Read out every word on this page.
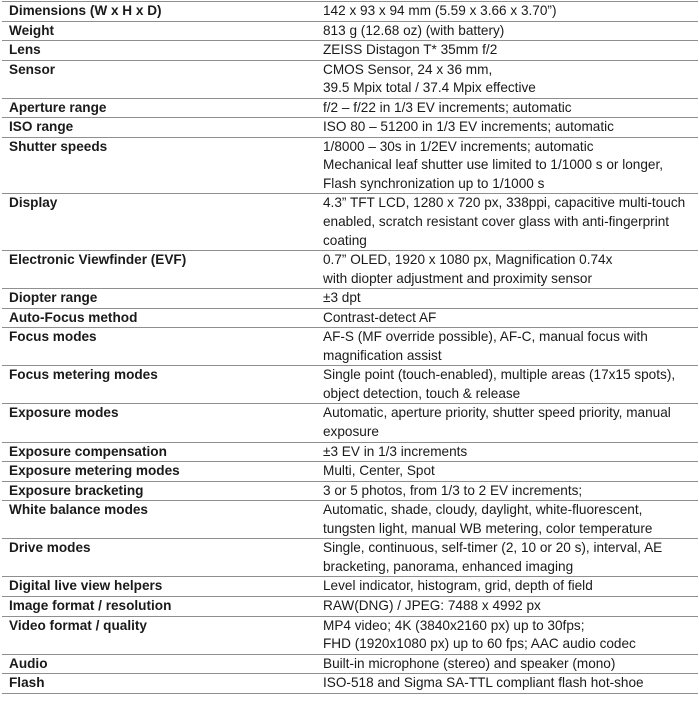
Dimensions (W x H x D)	142 x 93 x 94 mm (5.59 x 3.66 x 3.70”)
Weight	813 g (12.68 oz) (with battery)
Lens	ZEISS Distagon T* 35mm f/2
Sensor	CMOS Sensor, 24 x 36 mm,
39.5 Mpix total / 37.4 Mpix effective
Aperture range	f/2 – f/22 in 1/3 EV increments; automatic
ISO range	ISO 80 – 51200 in 1/3 EV increments; automatic
Shutter speeds	1/8000 – 30s in 1/2EV increments; automatic
Mechanical leaf shutter use limited to 1/1000 s or longer,
Flash synchronization up to 1/1000 s
Display	4.3” TFT LCD, 1280 x 720 px, 338ppi, capacitive multi-touch
enabled, scratch resistant cover glass with anti-fingerprint
coating
Electronic Viewfinder (EVF)	0.7” OLED, 1920 x 1080 px, Magnification 0.74x
with diopter adjustment and proximity sensor
Diopter range	±3 dpt
Auto-Focus method	Contrast-detect AF
Focus modes	AF-S (MF override possible), AF-C, manual focus with
magnification assist
Focus metering modes	Single point (touch-enabled), multiple areas (17x15 spots),
object detection, touch & release
Exposure modes	Automatic, aperture priority, shutter speed priority, manual
exposure
Exposure compensation	±3 EV in 1/3 increments
Exposure metering modes	Multi, Center, Spot
Exposure bracketing	3 or 5 photos, from 1/3 to 2 EV increments;
White balance modes	Automatic, shade, cloudy, daylight, white-fluorescent,
tungsten light, manual WB metering, color temperature
Drive modes	Single, continuous, self-timer (2, 10 or 20 s), interval, AE
bracketing, panorama, enhanced imaging
Digital live view helpers	Level indicator, histogram, grid, depth of field
Image format / resolution	RAW(DNG) / JPEG: 7488 x 4992 px
Video format / quality	MP4 video; 4K (3840x2160 px) up to 30fps;
FHD (1920x1080 px) up to 60 fps; AAC audio codec
Audio	Built-in microphone (stereo) and speaker (mono)
Flash	ISO-518 and Sigma SA-TTL compliant flash hot-shoe
